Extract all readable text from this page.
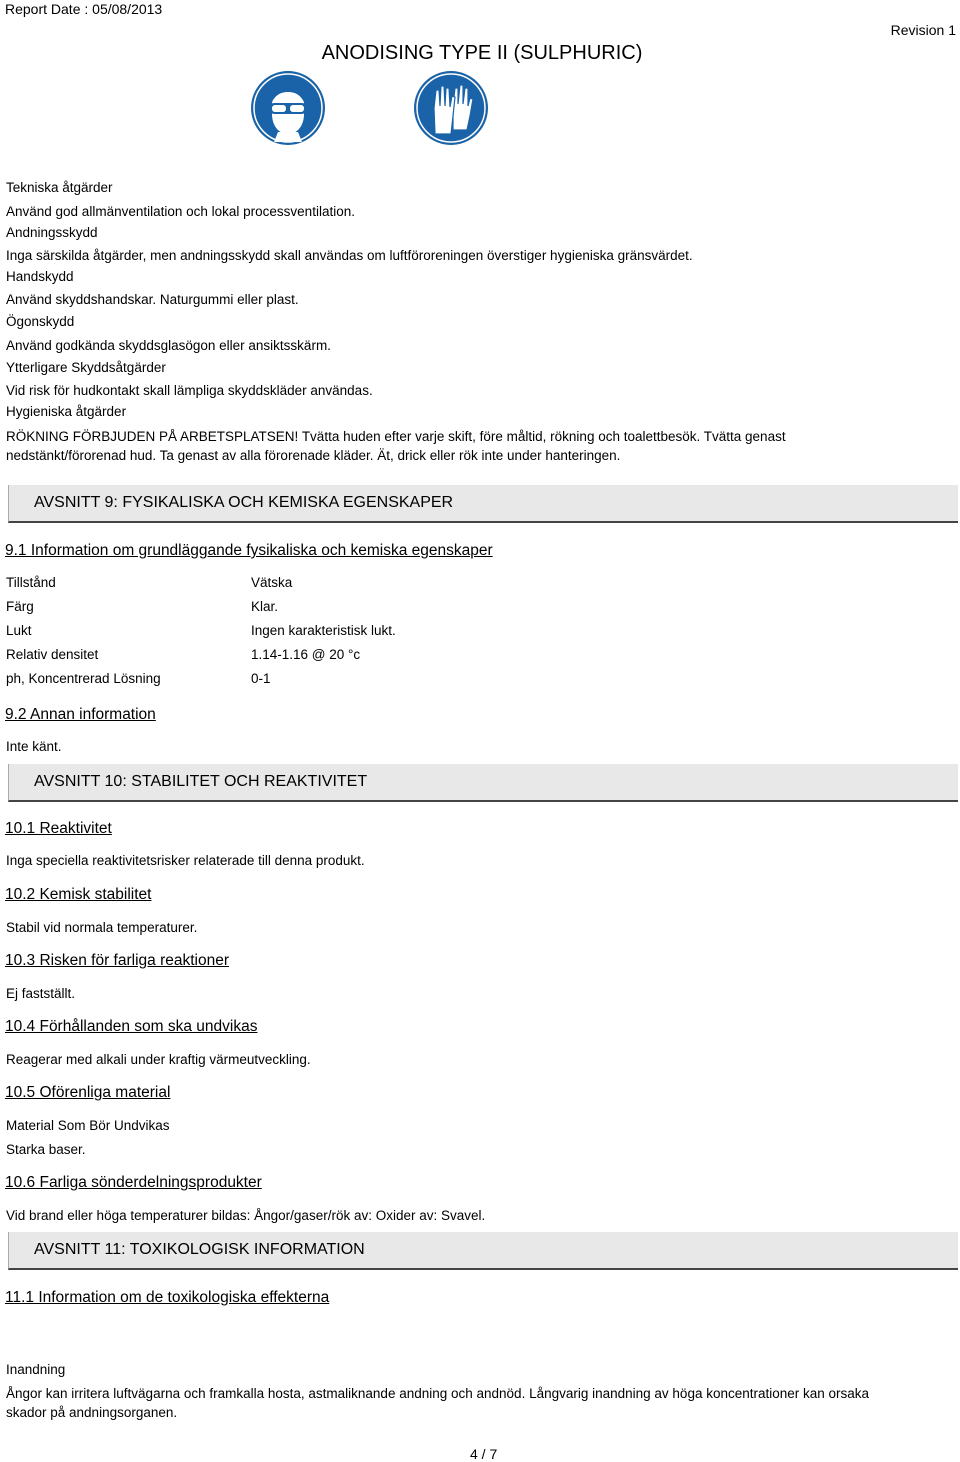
Report Date : 05/08/2013
ANODISING TYPE II (SULPHURIC)
Revision 1
Tekniska åtgärder
Använd god allmänventilation och lokal processventilation.
Andningsskydd
Inga särskilda åtgärder, men andningsskydd skall användas om luftföroreningen överstiger hygieniska gränsvärdet.
Handskydd
Använd skyddshandskar. Naturgummi eller plast.
Ögonskydd
Använd godkända skyddsglasögon eller ansiktsskärm.
Ytterligare Skyddsåtgärder
Vid risk för hudkontakt skall lämpliga skyddskläder användas.
Hygieniska åtgärder
RÖKNING FÖRBJUDEN PÅ ARBETSPLATSEN! Tvätta huden efter varje skift, före måltid, rökning och toalettbesök. Tvätta genast nedstänkt/förorenad hud. Ta genast av alla förorenade kläder. Ät, drick eller rök inte under hanteringen.
AVSNITT 9: FYSIKALISKA OCH KEMISKA EGENSKAPER
9.1 Information om grundläggande fysikaliska och kemiska egenskaper
Tillstånd	Vätska
Färg	Klar.
Lukt	Ingen karakteristisk lukt.
Relativ densitet	1.14-1.16 @ 20 °c
ph, Koncentrerad Lösning	0-1
9.2 Annan information
Inte känt.
AVSNITT 10: STABILITET OCH REAKTIVITET
10.1 Reaktivitet
Inga speciella reaktivitetsrisker relaterade till denna produkt.
10.2 Kemisk stabilitet
Stabil vid normala temperaturer.
10.3 Risken för farliga reaktioner
Ej fastställt.
10.4 Förhållanden som ska undvikas
Reagerar med alkali under kraftig värmeutveckling.
10.5 Oförenliga material
Material Som Bör Undvikas
Starka baser.
10.6 Farliga sönderdelningsprodukter
Vid brand eller höga temperaturer bildas: Ångor/gaser/rök av: Oxider av: Svavel.
AVSNITT 11: TOXIKOLOGISK INFORMATION
11.1 Information om de toxikologiska effekterna
Inandning
Ångor kan irritera luftvägarna och framkalla hosta, astmaliknande andning och andnöd. Långvarig inandning av höga koncentrationer kan orsaka skador på andningsorganen.
4 / 7
